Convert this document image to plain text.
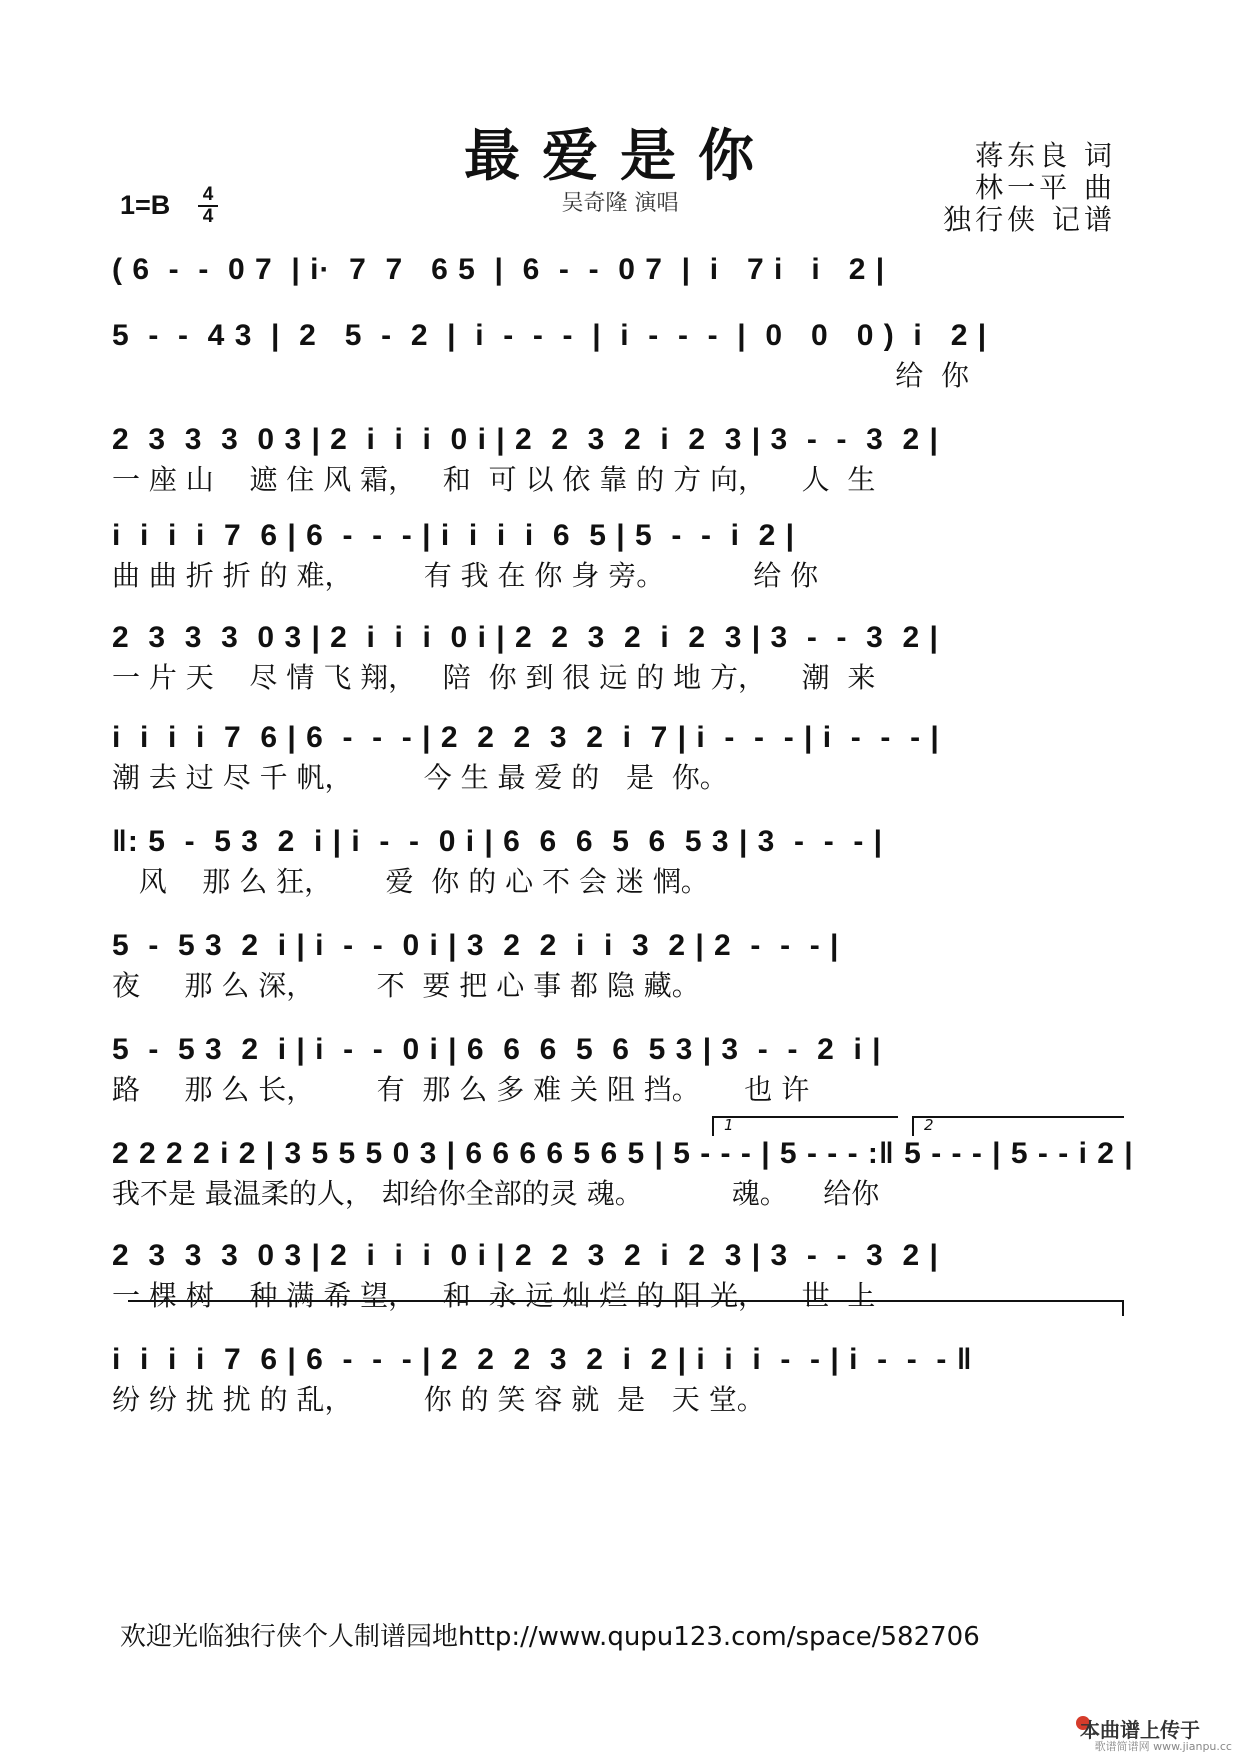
最爱是你
吴奇隆 演唱
蒋东良 词
林一平 曲
独行侠 记谱
1=B 4
4
( 6  -  -  0 7  | i·  7  7   6 5  |  6  -  -  0 7  |  i   7 i   i   2 |
5  -  -  4 3  |  2   5  -  2  |  i  -  -  -  |  i  -  -  -  |  0   0   0 )  i   2 |
给  你
2  3  3  3  0 3 | 2  i  i  i  0 i | 2  2  3  2  i  2  3 | 3  -  -  3  2 |
一 座 山    遮 住 风 霜，   和  可 以 依 靠 的 方 向，    人  生
i  i  i  i  7  6 | 6  -  -  - | i  i  i  i  6  5 | 5  -  -  i  2 |
曲 曲 折 折 的 难，        有 我 在 你 身 旁。          给 你
2  3  3  3  0 3 | 2  i  i  i  0 i | 2  2  3  2  i  2  3 | 3  -  -  3  2 |
一 片 天    尽 情 飞 翔，   陪  你 到 很 远 的 地 方，    潮  来
i  i  i  i  7  6 | 6  -  -  - | 2  2  2  3  2  i  7 | i  -  -  - | i  -  -  - |
潮 去 过 尽 千 帆，        今 生 最 爱 的   是  你。
‖: 5  -  5 3  2  i | i  -  -  0 i | 6  6  6  5  6  5 3 | 3  -  -  - |
风    那 么 狂，      爱  你 的 心 不 会 迷 惘。
5  -  5 3  2  i | i  -  -  0 i | 3  2  2  i  i  3  2 | 2  -  -  - |
夜     那 么 深，       不  要 把 心 事 都 隐 藏。
5  -  5 3  2  i | i  -  -  0 i | 6  6  6  5  6  5 3 | 3  -  -  2  i |
路     那 么 长，       有  那 么 多 难 关 阻 挡。     也 许
1	2
2 2 2 2 i 2 | 3 5 5 5 0 3 | 6 6 6 6 5 6 5 | 5 - - - | 5 - - - :‖ 5 - - - | 5 - - i 2 |
我不是 最温柔的人， 却给你全部的灵 魂。          魂。    给你
2  3  3  3  0 3 | 2  i  i  i  0 i | 2  2  3  2  i  2  3 | 3  -  -  3  2 |
一 棵 树    种 满 希 望，   和  永 远 灿 烂 的 阳 光，    世  上
i  i  i  i  7  6 | 6  -  -  - | 2  2  2  3  2  i  2 | i  i  i  -  - | i  -  -  - ‖
纷 纷 扰 扰 的 乱，        你 的 笑 容 就  是   天 堂。
欢迎光临独行侠个人制谱园地http://www.qupu123.com/space/582706
本曲谱上传于
歌谱简谱网 www.jianpu.cc
